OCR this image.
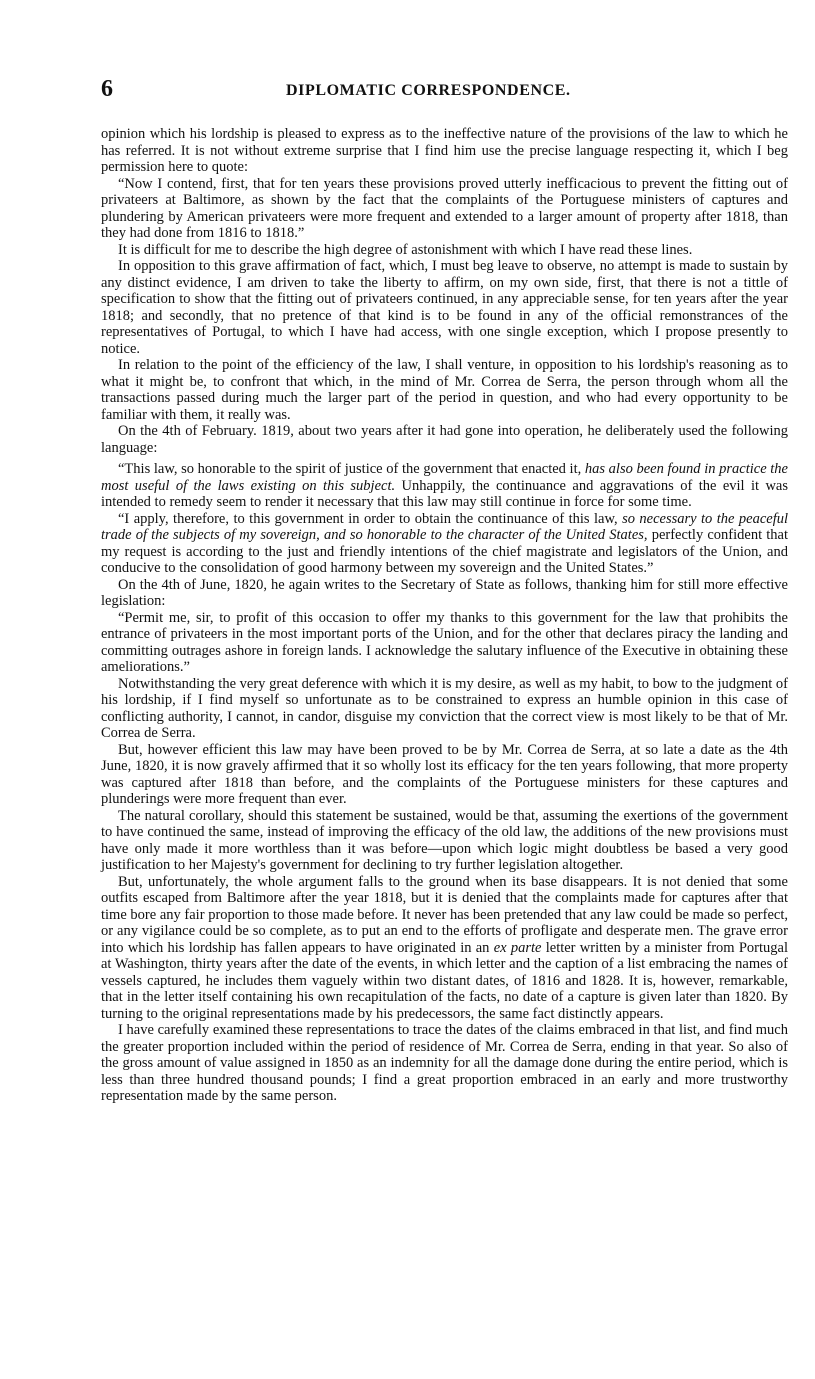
6	DIPLOMATIC CORRESPONDENCE.

opinion which his lordship is pleased to express as to the ineffective nature of the provisions of the law to which he has referred. It is not without extreme surprise that I find him use the precise language respecting it, which I beg permission here to quote:

“Now I contend, first, that for ten years these provisions proved utterly inefficacious to prevent the fitting out of privateers at Baltimore, as shown by the fact that the complaints of the Portuguese ministers of captures and plundering by American privateers were more frequent and extended to a larger amount of property after 1818, than they had done from 1816 to 1818.”

It is difficult for me to describe the high degree of astonishment with which I have read these lines.

In opposition to this grave affirmation of fact, which, I must beg leave to observe, no attempt is made to sustain by any distinct evidence, I am driven to take the liberty to affirm, on my own side, first, that there is not a tittle of specification to show that the fitting out of privateers continued, in any appreciable sense, for ten years after the year 1818; and secondly, that no pretence of that kind is to be found in any of the official remonstrances of the representatives of Portugal, to which I have had access, with one single exception, which I propose presently to notice.

In relation to the point of the efficiency of the law, I shall venture, in opposition to his lordship's reasoning as to what it might be, to confront that which, in the mind of Mr. Correa de Serra, the person through whom all the transactions passed during much the larger part of the period in question, and who had every opportunity to be familiar with them, it really was.

On the 4th of February. 1819, about two years after it had gone into operation, he deliberately used the following language:

“This law, so honorable to the spirit of justice of the government that enacted it, has also been found in practice the most useful of the laws existing on this subject. Unhappily, the continuance and aggravations of the evil it was intended to remedy seem to render it necessary that this law may still continue in force for some time.

“I apply, therefore, to this government in order to obtain the continuance of this law, so necessary to the peaceful trade of the subjects of my sovereign, and so honorable to the character of the United States, perfectly confident that my request is according to the just and friendly intentions of the chief magistrate and legislators of the Union, and conducive to the consolidation of good harmony between my sovereign and the United States.”

On the 4th of June, 1820, he again writes to the Secretary of State as follows, thanking him for still more effective legislation:

“Permit me, sir, to profit of this occasion to offer my thanks to this government for the law that prohibits the entrance of privateers in the most important ports of the Union, and for the other that declares piracy the landing and committing outrages ashore in foreign lands. I acknowledge the salutary influence of the Executive in obtaining these ameliorations.”

Notwithstanding the very great deference with which it is my desire, as well as my habit, to bow to the judgment of his lordship, if I find myself so unfortunate as to be constrained to express an humble opinion in this case of conflicting authority, I cannot, in candor, disguise my conviction that the correct view is most likely to be that of Mr. Correa de Serra.

But, however efficient this law may have been proved to be by Mr. Correa de Serra, at so late a date as the 4th June, 1820, it is now gravely affirmed that it so wholly lost its efficacy for the ten years following, that more property was captured after 1818 than before, and the complaints of the Portuguese ministers for these captures and plunderings were more frequent than ever.

The natural corollary, should this statement be sustained, would be that, assuming the exertions of the government to have continued the same, instead of improving the efficacy of the old law, the additions of the new provisions must have only made it more worthless than it was before—upon which logic might doubtless be based a very good justification to her Majesty's government for declining to try further legislation altogether.

But, unfortunately, the whole argument falls to the ground when its base disappears. It is not denied that some outfits escaped from Baltimore after the year 1818, but it is denied that the complaints made for captures after that time bore any fair proportion to those made before. It never has been pretended that any law could be made so perfect, or any vigilance could be so complete, as to put an end to the efforts of profligate and desperate men. The grave error into which his lordship has fallen appears to have originated in an ex parte letter written by a minister from Portugal at Washington, thirty years after the date of the events, in which letter and the caption of a list embracing the names of vessels captured, he includes them vaguely within two distant dates, of 1816 and 1828. It is, however, remarkable, that in the letter itself containing his own recapitulation of the facts, no date of a capture is given later than 1820. By turning to the original representations made by his predecessors, the same fact distinctly appears.

I have carefully examined these representations to trace the dates of the claims embraced in that list, and find much the greater proportion included within the period of residence of Mr. Correa de Serra, ending in that year. So also of the gross amount of value assigned in 1850 as an indemnity for all the damage done during the entire period, which is less than three hundred thousand pounds; I find a great proportion embraced in an early and more trustworthy representation made by the same person.
